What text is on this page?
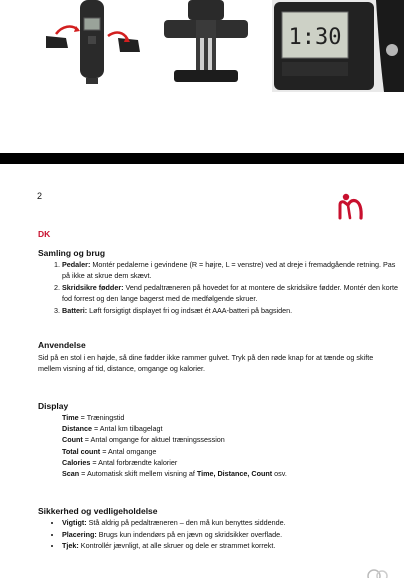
1:30
2
DK
Samling og brug
1. Pedaler: Montér pedalerne i gevindene (R = højre, L = venstre) ved at dreje i fremadgående retning. Pas på ikke at skrue dem skævt.
2. Skridsikre fødder: Vend pedaltræneren på hovedet for at montere de skridsikre fødder. Montér den korte fod forrest og den lange bagerst med de medfølgende skruer.
3. Batteri: Løft forsigtigt displayet fri og indsæt ét AAA-batteri på bagsiden.
Anvendelse
Sid på en stol i en højde, så dine fødder ikke rammer gulvet. Tryk på den røde knap for at tænde og skifte mellem visning af tid, distance, omgange og kalorier.
Display
Time = Træningstid
Distance = Antal km tilbagelagt
Count = Antal omgange for aktuel træningssession
Total count = Antal omgange
Calories = Antal forbrændte kalorier
Scan = Automatisk skift mellem visning af Time, Distance, Count osv.
Sikkerhed og vedligeholdelse
• Vigtigt: Stå aldrig på pedaltræneren – den må kun benyttes siddende.
• Placering: Brugs kun indendørs på en jævn og skridsikker overflade.
• Tjek: Kontrollér jævnligt, at alle skruer og dele er strammet korrekt.
